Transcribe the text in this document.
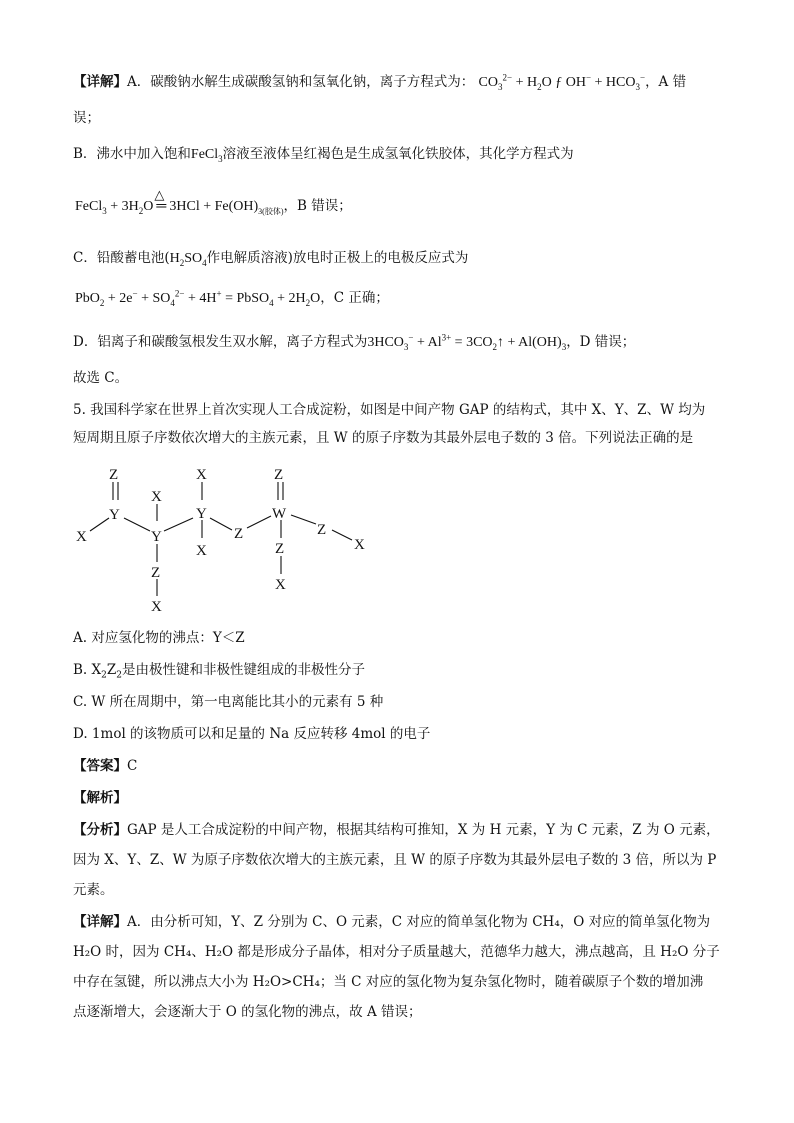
【详解】A．碳酸钠水解生成碳酸氢钠和氢氧化钠，离子方程式为： $CO_3^{2-} + H_2O$ ƒ $OH^- + HCO_3^-$，A 错
误；
B．沸水中加入饱和FeCl$_3$溶液至液体呈红褐色是生成氢氧化铁胶体，其化学方程式为
FeCl$_3$ + $3H_2O$
△
═ $3HCl + Fe(OH)_{3(胶体)}$，B 错误；
C．铅酸蓄电池($H_2SO_4$作电解质溶液)放电时正极上的电极反应式为
$PbO_2 + 2e^- + SO_4^{2-} + 4H^+$ = PbSO$_4$ + $2H_2O$，C 正确；
D．铝离子和碳酸氢根发生双水解，离子方程式为$3HCO_3^- + Al^{3+}$ = $3CO_2↑ + Al(OH)_3$，D 错误；
故选 C。
5. 我国科学家在世界上首次实现人工合成淀粉，如图是中间产物 GAP 的结构式，其中 X、Y、Z、W 均为
短周期且原子序数依次增大的主族元素，且 W 的原子序数为其最外层电子数的 3 倍。下列说法正确的是
Z
Y
X
X
Y
Z
X
X
Y
X
Z
Z
W
Z
X
Z
X
A. 对应氢化物的沸点：Y＜Z
B. $X_2Z_2$是由极性键和非极性键组成的非极性分子
C. W 所在周期中，第一电离能比其小的元素有 5 种
D. 1mol 的该物质可以和足量的 Na 反应转移 4mol 的电子
【答案】C
【解析】
【分析】GAP 是人工合成淀粉的中间产物，根据其结构可推知，X 为 H 元素，Y 为 C 元素，Z 为 O 元素，
因为 X、Y、Z、W 为原子序数依次增大的主族元素，且 W 的原子序数为其最外层电子数的 3 倍，所以为 P
元素。
【详解】A．由分析可知，Y、Z 分别为 C、O 元素，C 对应的简单氢化物为 CH₄，O 对应的简单氢化物为
H₂O 时，因为 CH₄、H₂O 都是形成分子晶体，相对分子质量越大，范德华力越大，沸点越高，且 H₂O 分子
中存在氢键，所以沸点大小为 H₂O>CH₄；当 C 对应的氢化物为复杂氢化物时，随着碳原子个数的增加沸
点逐渐增大，会逐渐大于 O 的氢化物的沸点，故 A 错误；
